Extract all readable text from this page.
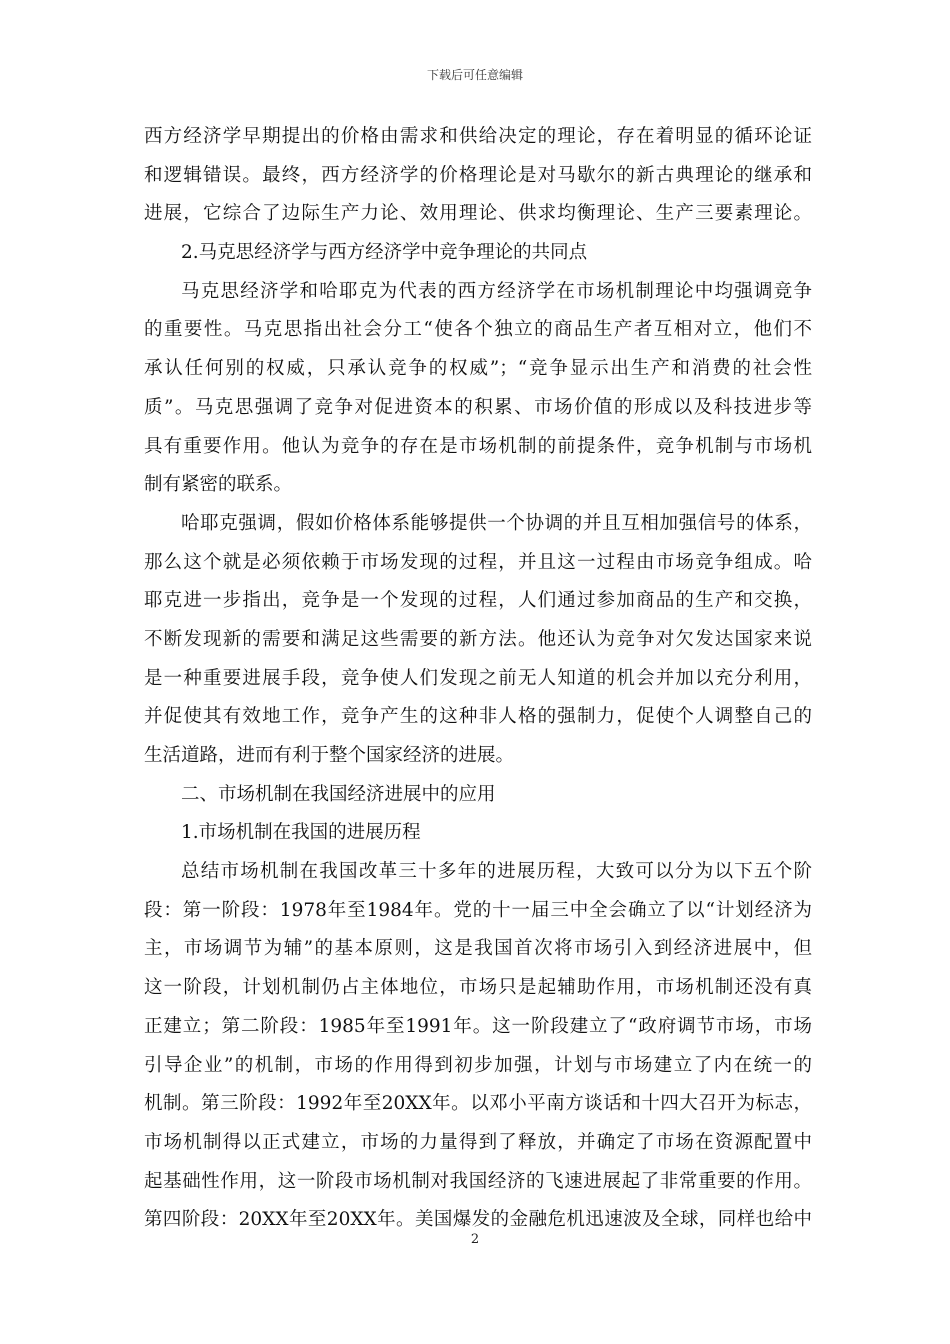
下载后可任意编辑
西方经济学早期提出的价格由需求和供给决定的理论，存在着明显的循环论证
和逻辑错误。最终，西方经济学的价格理论是对马歇尔的新古典理论的继承和
进展，它综合了边际生产力论、效用理论、供求均衡理论、生产三要素理论。
2.马克思经济学与西方经济学中竞争理论的共同点
马克思经济学和哈耶克为代表的西方经济学在市场机制理论中均强调竞争
的重要性。马克思指出社会分工“使各个独立的商品生产者互相对立，他们不
承认任何别的权威，只承认竞争的权威”；“竞争显示出生产和消费的社会性
质”。马克思强调了竞争对促进资本的积累、市场价值的形成以及科技进步等
具有重要作用。他认为竞争的存在是市场机制的前提条件，竞争机制与市场机
制有紧密的联系。
哈耶克强调，假如价格体系能够提供一个协调的并且互相加强信号的体系，
那么这个就是必须依赖于市场发现的过程，并且这一过程由市场竞争组成。哈
耶克进一步指出，竞争是一个发现的过程，人们通过参加商品的生产和交换，
不断发现新的需要和满足这些需要的新方法。他还认为竞争对欠发达国家来说
是一种重要进展手段，竞争使人们发现之前无人知道的机会并加以充分利用，
并促使其有效地工作，竞争产生的这种非人格的强制力，促使个人调整自己的
生活道路，进而有利于整个国家经济的进展。
二、市场机制在我国经济进展中的应用
1.市场机制在我国的进展历程
总结市场机制在我国改革三十多年的进展历程，大致可以分为以下五个阶
段：第一阶段：1978年至1984年。党的十一届三中全会确立了以“计划经济为
主，市场调节为辅”的基本原则，这是我国首次将市场引入到经济进展中，但
这一阶段，计划机制仍占主体地位，市场只是起辅助作用，市场机制还没有真
正建立；第二阶段：1985年至1991年。这一阶段建立了“政府调节市场，市场
引导企业”的机制，市场的作用得到初步加强，计划与市场建立了内在统一的
机制。第三阶段：1992年至20XX年。以邓小平南方谈话和十四大召开为标志，
市场机制得以正式建立，市场的力量得到了释放，并确定了市场在资源配置中
起基础性作用，这一阶段市场机制对我国经济的飞速进展起了非常重要的作用。
第四阶段：20XX年至20XX年。美国爆发的金融危机迅速波及全球，同样也给中
2
